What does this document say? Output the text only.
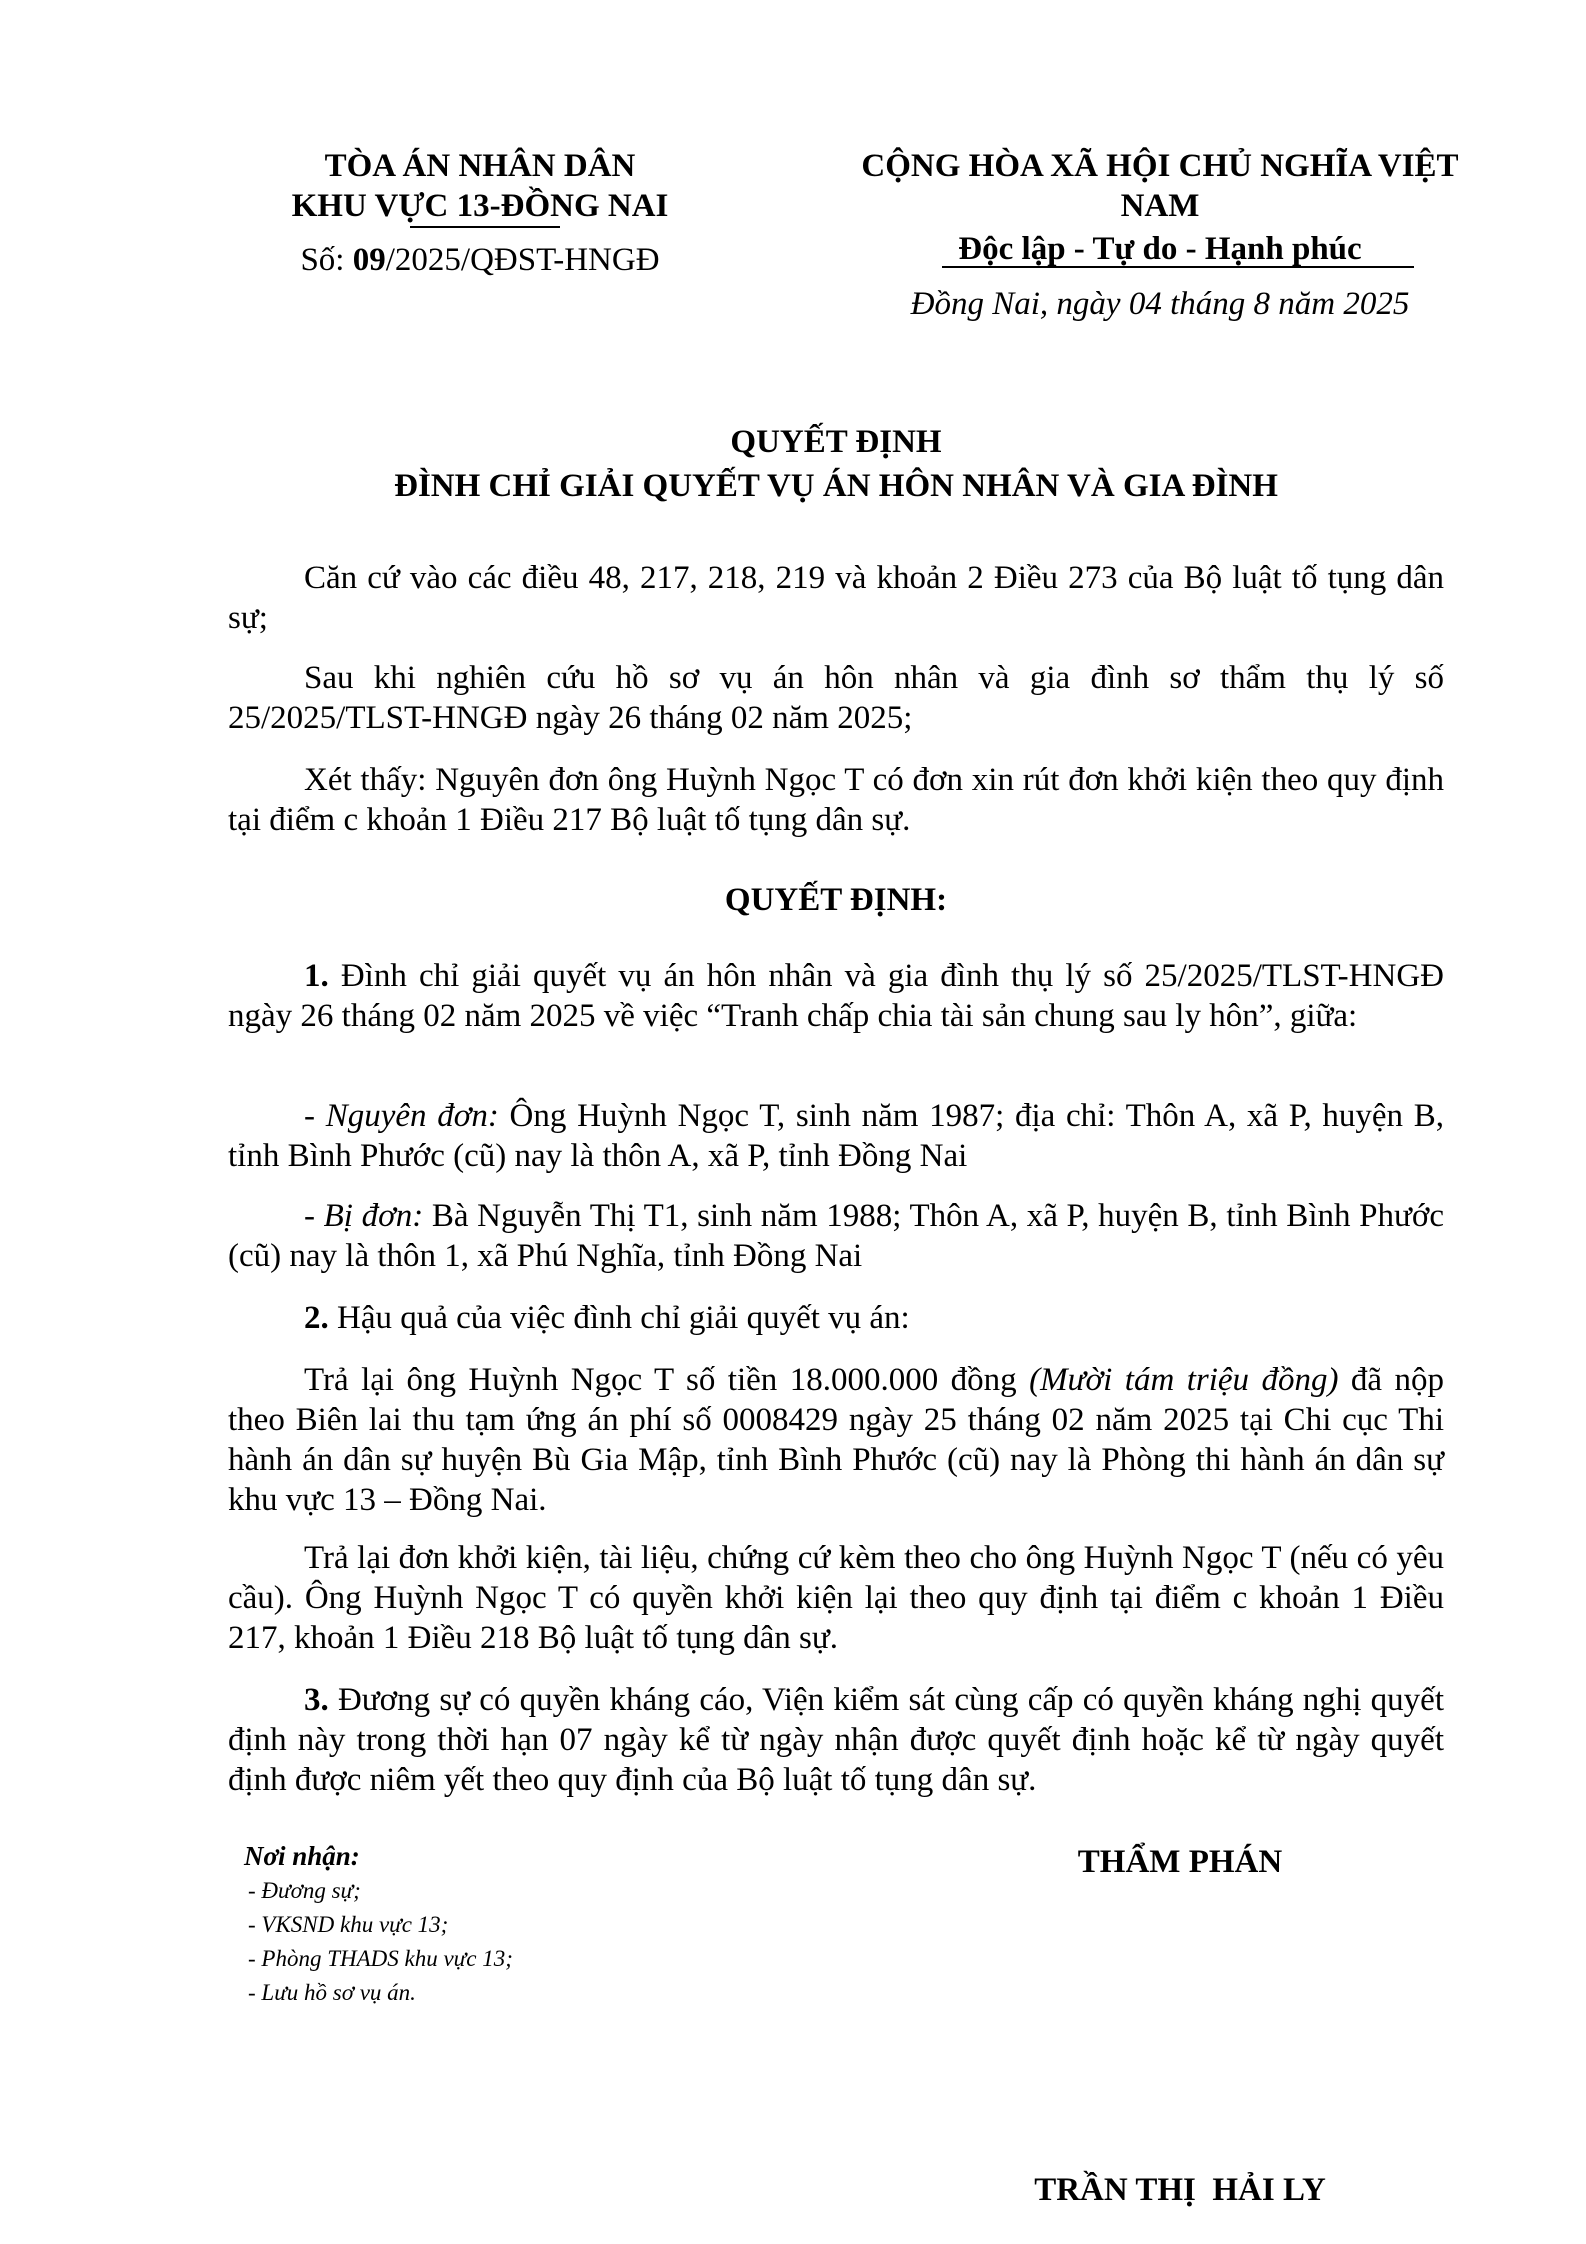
TÒA ÁN NHÂN DÂN
KHU VỰC 13-ĐỒNG NAI
Số: 09/2025/QĐST-HNGĐ
CỘNG HÒA XÃ HỘI CHỦ NGHĨA VIỆT
NAM
Độc lập - Tự do - Hạnh phúc
Đồng Nai, ngày 04 tháng 8 năm 2025
QUYẾT ĐỊNH
ĐÌNH CHỈ GIẢI QUYẾT VỤ ÁN HÔN NHÂN VÀ GIA ĐÌNH
Căn cứ vào các điều 48, 217, 218, 219 và khoản 2 Điều 273 của Bộ luật tố tụng dân sự;
Sau khi nghiên cứu hồ sơ vụ án hôn nhân và gia đình sơ thẩm thụ lý số 25/2025/TLST-HNGĐ ngày 26 tháng 02 năm 2025;
Xét thấy: Nguyên đơn ông Huỳnh Ngọc T có đơn xin rút đơn khởi kiện theo quy định tại điểm c khoản 1 Điều 217 Bộ luật tố tụng dân sự.
QUYẾT ĐỊNH:
1. Đình chỉ giải quyết vụ án hôn nhân và gia đình thụ lý số 25/2025/TLST-HNGĐ ngày 26 tháng 02 năm 2025 về việc “Tranh chấp chia tài sản chung sau ly hôn”, giữa:
- Nguyên đơn: Ông Huỳnh Ngọc T, sinh năm 1987; địa chỉ: Thôn A, xã P, huyện B, tỉnh Bình Phước (cũ) nay là thôn A, xã P, tỉnh Đồng Nai
- Bị đơn: Bà Nguyễn Thị T1, sinh năm 1988; Thôn A, xã P, huyện B, tỉnh Bình Phước (cũ) nay là thôn 1, xã Phú Nghĩa, tỉnh Đồng Nai
2. Hậu quả của việc đình chỉ giải quyết vụ án:
Trả lại ông Huỳnh Ngọc T số tiền 18.000.000 đồng (Mười tám triệu đồng) đã nộp theo Biên lai thu tạm ứng án phí số 0008429 ngày 25 tháng 02 năm 2025 tại Chi cục Thi hành án dân sự huyện Bù Gia Mập, tỉnh Bình Phước (cũ) nay là Phòng thi hành án dân sự khu vực 13 – Đồng Nai.
Trả lại đơn khởi kiện, tài liệu, chứng cứ kèm theo cho ông Huỳnh Ngọc T (nếu có yêu cầu). Ông Huỳnh Ngọc T có quyền khởi kiện lại theo quy định tại điểm c khoản 1 Điều 217, khoản 1 Điều 218 Bộ luật tố tụng dân sự.
3. Đương sự có quyền kháng cáo, Viện kiểm sát cùng cấp có quyền kháng nghị quyết định này trong thời hạn 07 ngày kể từ ngày nhận được quyết định hoặc kể từ ngày quyết định được niêm yết theo quy định của Bộ luật tố tụng dân sự.
Nơi nhận:
- Đương sự;
- VKSND khu vực 13;
- Phòng THADS khu vực 13;
- Lưu hồ sơ vụ án.
THẨM PHÁN
TRẦN THỊ  HẢI LY
